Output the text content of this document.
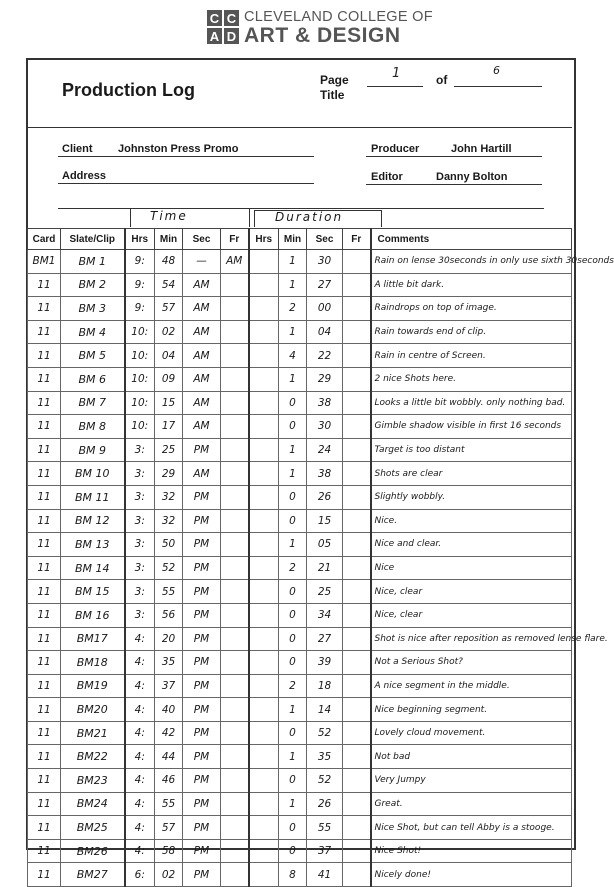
C C
A D
CLEVELAND COLLEGE OF
ART & DESIGN
Production Log	Page
Title
1	of
6
Client Johnston Press Promo	Producer	John Hartill
Address	Editor	Danny Bolton
Time	Duration
Card	Slate/Clip	Hrs	Min	Sec	Fr	Hrs	Min	Sec	Fr	Comments
BM1	BM 1	9:	48	—	AM		1	30		Rain on lense 30seconds in only use sixth 30seconds
11	BM 2	9:	54	AM			1	27		A little bit dark.
11	BM 3	9:	57	AM			2	00		Raindrops on top of image.
11	BM 4	10:	02	AM			1	04		Rain towards end of clip.
11	BM 5	10:	04	AM			4	22		Rain in centre of Screen.
11	BM 6	10:	09	AM			1	29		2 nice Shots here.
11	BM 7	10:	15	AM			0	38		Looks a little bit wobbly. only nothing bad.
11	BM 8	10:	17	AM			0	30		Gimble shadow visible in first 16 seconds
11	BM 9	3:	25	PM			1	24		Target is too distant
11	BM 10	3:	29	AM			1	38		Shots are clear
11	BM 11	3:	32	PM			0	26		Slightly wobbly.
11	BM 12	3:	32	PM			0	15		Nice.
11	BM 13	3:	50	PM			1	05		Nice and clear.
11	BM 14	3:	52	PM			2	21		Nice
11	BM 15	3:	55	PM			0	25		Nice, clear
11	BM 16	3:	56	PM			0	34		Nice, clear
11	BM17	4:	20	PM			0	27		Shot is nice after reposition as removed lense flare.
11	BM18	4:	35	PM			0	39		Not a Serious Shot?
11	BM19	4:	37	PM			2	18		A nice segment in the middle.
11	BM20	4:	40	PM			1	14		Nice beginning segment.
11	BM21	4:	42	PM			0	52		Lovely cloud movement.
11	BM22	4:	44	PM			1	35		Not bad
11	BM23	4:	46	PM			0	52		Very Jumpy
11	BM24	4:	55	PM			1	26		Great.
11	BM25	4:	57	PM			0	55		Nice Shot, but can tell Abby is a stooge.
11	BM26	4:	58	PM			0	37		Nice Shot!
11	BM27	6:	02	PM			8	41		Nicely done!
